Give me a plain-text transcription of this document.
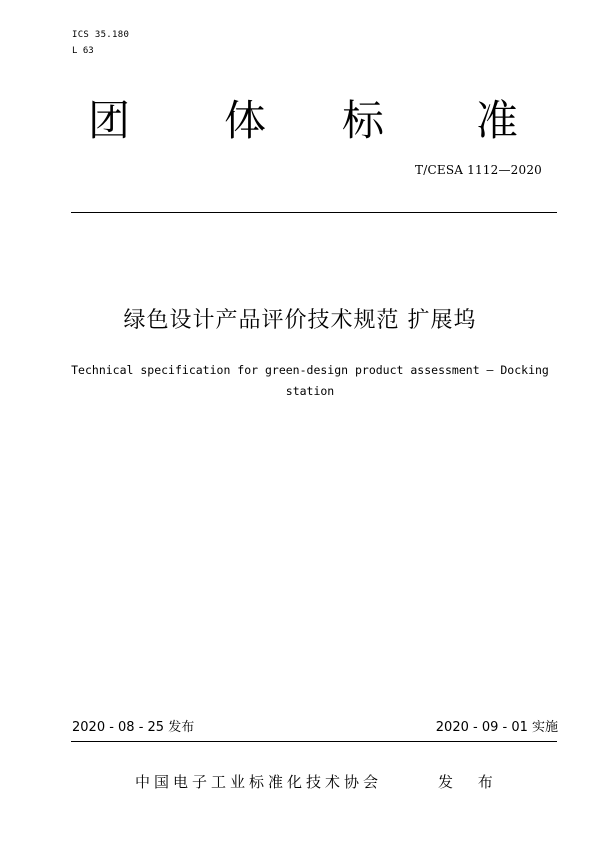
ICS 35.180
L 63
团 体 标 准
T/CESA 1112—2020
绿色设计产品评价技术规范 扩展坞
Technical specification for green-design product assessment — Docking station
2020 - 08 - 25 发布	2020 - 09 - 01 实施
中国电子工业标准化技术协会	发 布
